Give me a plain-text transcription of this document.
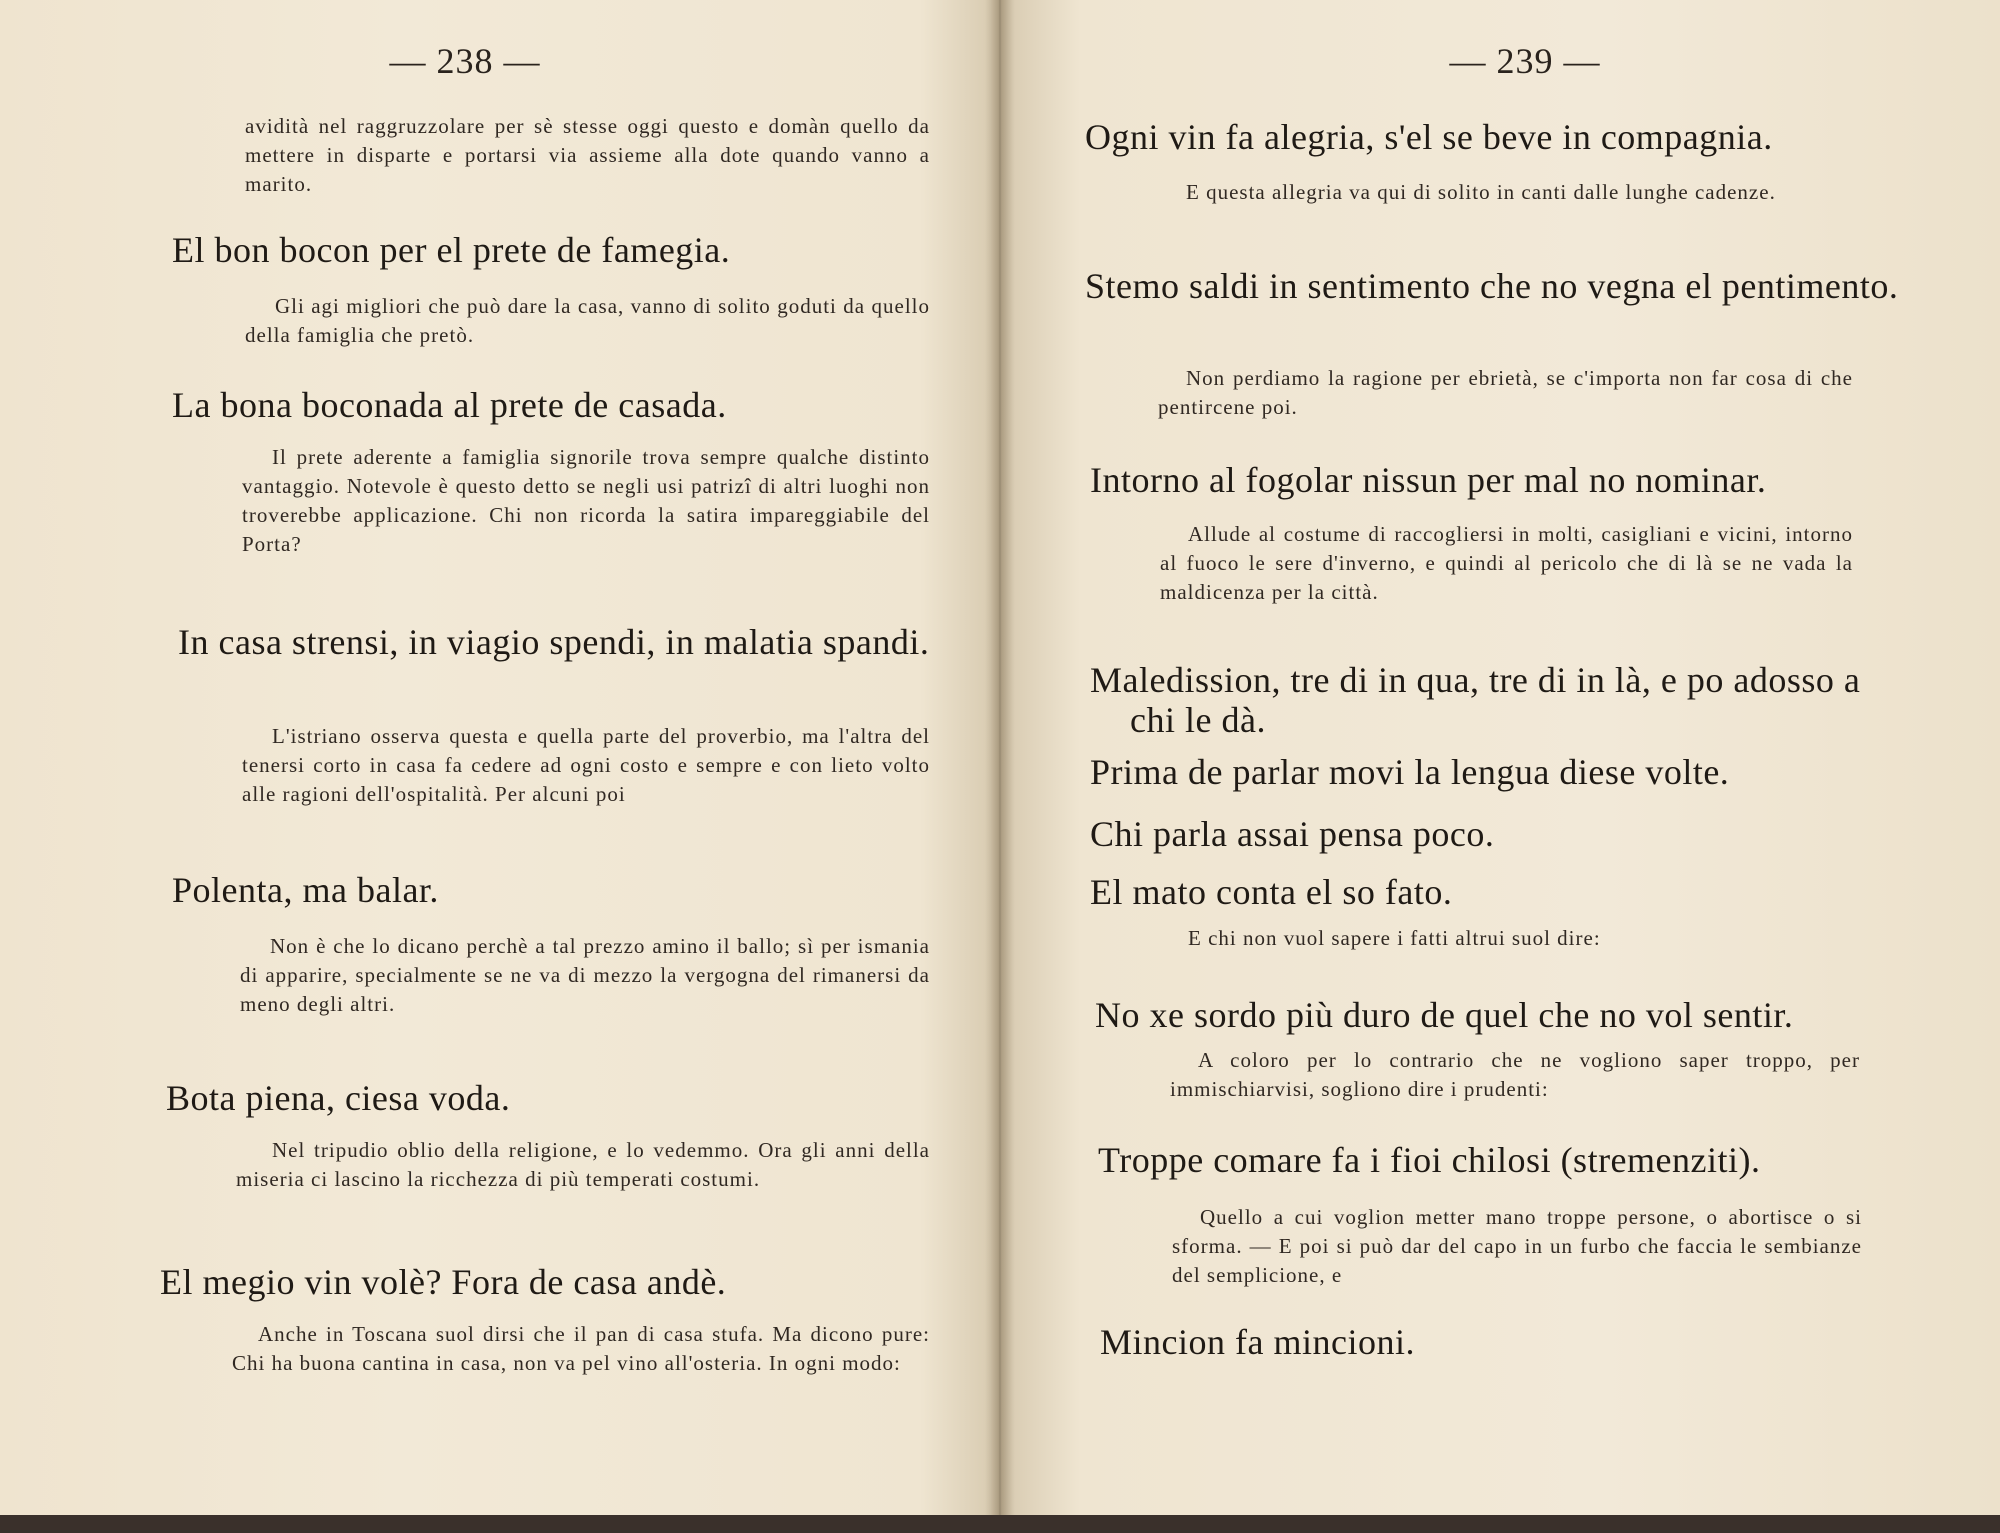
— 238 —
avidità nel raggruzzolare per sè stesse oggi questo e domàn quello da mettere in disparte e portarsi via assieme alla dote quando vanno a marito.
El bon bocon per el prete de famegia.
Gli agi migliori che può dare la casa, vanno di solito goduti da quello della famiglia che pretò.
La bona boconada al prete de casada.
Il prete aderente a famiglia signorile trova sempre qualche distinto vantaggio. Notevole è questo detto se negli usi patrizî di altri luoghi non troverebbe applicazione. Chi non ricorda la satira impareggiabile del Porta?
In casa strensi, in viagio spendi, in malatia spandi.
L'istriano osserva questa e quella parte del proverbio, ma l'altra del tenersi corto in casa fa cedere ad ogni costo e sempre e con lieto volto alle ragioni dell'ospitalità. Per alcuni poi
Polenta, ma balar.
Non è che lo dicano perchè a tal prezzo amino il ballo; sì per ismania di apparire, specialmente se ne va di mezzo la vergogna del rimanersi da meno degli altri.
Bota piena, ciesa voda.
Nel tripudio oblio della religione, e lo vedemmo. Ora gli anni della miseria ci lascino la ricchezza di più temperati costumi.
El megio vin volè? Fora de casa andè.
Anche in Toscana suol dirsi che il pan di casa stufa. Ma dicono pure: Chi ha buona cantina in casa, non va pel vino all'osteria. In ogni modo:
— 239 —
Ogni vin fa alegria, s'el se beve in compagnia.
E questa allegria va qui di solito in canti dalle lunghe cadenze.
Stemo saldi in sentimento che no vegna el pentimento.
Non perdiamo la ragione per ebrietà, se c'importa non far cosa di che pentircene poi.
Intorno al fogolar nissun per mal no nominar.
Allude al costume di raccogliersi in molti, casigliani e vicini, intorno al fuoco le sere d'inverno, e quindi al pericolo che di là se ne vada la maldicenza per la città.
Maledission, tre di in qua, tre di in là, e po adosso a chi le dà.
Prima de parlar movi la lengua diese volte.
Chi parla assai pensa poco.
El mato conta el so fato.
E chi non vuol sapere i fatti altrui suol dire:
No xe sordo più duro de quel che no vol sentir.
A coloro per lo contrario che ne vogliono saper troppo, per immischiarvisi, sogliono dire i prudenti:
Troppe comare fa i fioi chilosi (stremenziti).
Quello a cui voglion metter mano troppe persone, o abortisce o si sforma. — E poi si può dar del capo in un furbo che faccia le sembianze del semplicione, e
Mincion fa mincioni.
